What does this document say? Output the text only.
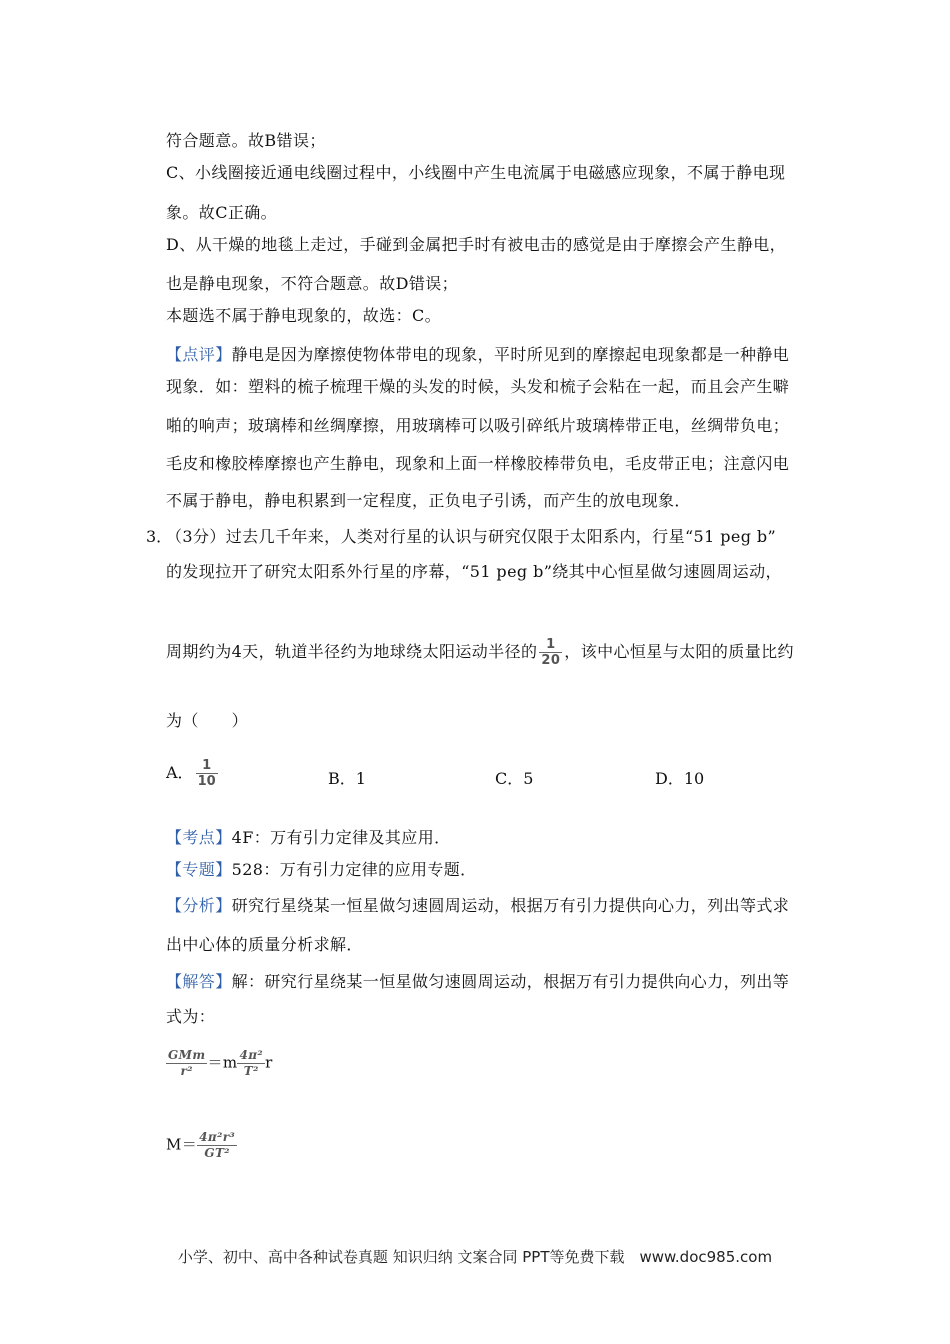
符合题意。故B错误；
C、小线圈接近通电线圈过程中，小线圈中产生电流属于电磁感应现象，不属于静电现
象。故C正确。
D、从干燥的地毯上走过，手碰到金属把手时有被电击的感觉是由于摩擦会产生静电，
也是静电现象，不符合题意。故D错误；
本题选不属于静电现象的，故选：C。
【点评】静电是因为摩擦使物体带电的现象，平时所见到的摩擦起电现象都是一种静电
现象．如：塑料的梳子梳理干燥的头发的时候，头发和梳子会粘在一起，而且会产生噼
啪的响声；玻璃棒和丝绸摩擦，用玻璃棒可以吸引碎纸片玻璃棒带正电，丝绸带负电；
毛皮和橡胶棒摩擦也产生静电，现象和上面一样橡胶棒带负电，毛皮带正电；注意闪电
不属于静电，静电积累到一定程度，正负电子引诱，而产生的放电现象．
3．
（3分）过去几千年来，人类对行星的认识与研究仅限于太阳系内，行星“51 peg b”
的发现拉开了研究太阳系外行星的序幕，“51 peg b”绕其中心恒星做匀速圆周运动，
周期约为4天，轨道半径约为地球绕太阳运动半径的 $\frac{1}{20}$ ，该中心恒星与太阳的质量比约
为（　　）
A． $\frac{1}{10}$	B．1	C．5	D．10
【考点】4F：万有引力定律及其应用．
【专题】528：万有引力定律的应用专题．
【分析】研究行星绕某一恒星做匀速圆周运动，根据万有引力提供向心力，列出等式求
出中心体的质量分析求解．
【解答】解：研究行星绕某一恒星做匀速圆周运动，根据万有引力提供向心力，列出等
式为：
$\frac{\text{GMm}}{\text{r²}} =m \frac{\text{4π²}}{\text{T²}}$ r
$M= \frac{\text{4π²r³}}{\text{GT²}}$
小学、初中、高中各种试卷真题 知识归纳 文案合同 PPT等免费下载　www.doc985.com
